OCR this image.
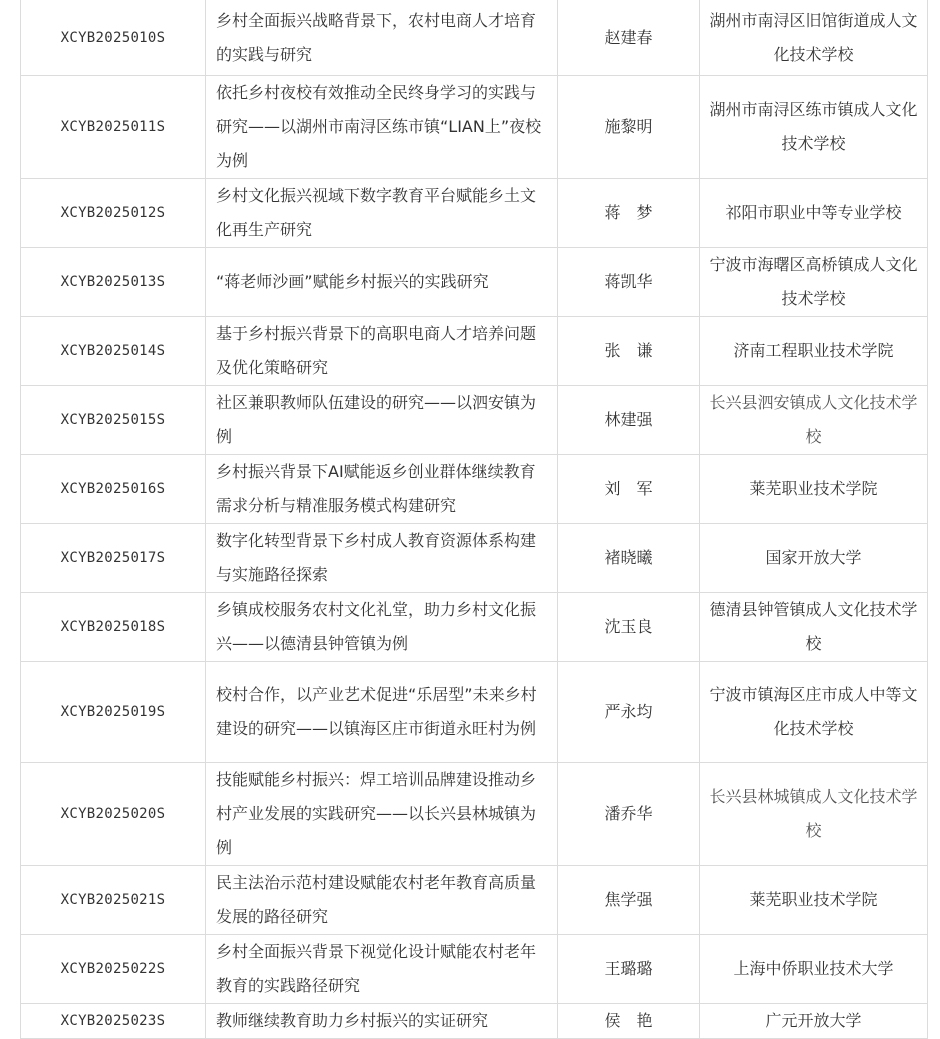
XCYB2025010S	乡村全面振兴战略背景下，农村电商人才培育的实践与研究	赵建春	湖州市南浔区旧馆街道成人文化技术学校
XCYB2025011S	依托乡村夜校有效推动全民终身学习的实践与研究——以湖州市南浔区练市镇“LIAN上”夜校为例	施黎明	湖州市南浔区练市镇成人文化技术学校
XCYB2025012S	乡村文化振兴视域下数字教育平台赋能乡土文化再生产研究	蒋　梦	祁阳市职业中等专业学校
XCYB2025013S	“蒋老师沙画”赋能乡村振兴的实践研究	蒋凯华	宁波市海曙区高桥镇成人文化技术学校
XCYB2025014S	基于乡村振兴背景下的高职电商人才培养问题及优化策略研究	张　谦	济南工程职业技术学院
XCYB2025015S	社区兼职教师队伍建设的研究——以泗安镇为例	林建强	长兴县泗安镇成人文化技术学校
XCYB2025016S	乡村振兴背景下AI赋能返乡创业群体继续教育需求分析与精准服务模式构建研究	刘　军	莱芜职业技术学院
XCYB2025017S	数字化转型背景下乡村成人教育资源体系构建与实施路径探索	褚晓曦	国家开放大学
XCYB2025018S	乡镇成校服务农村文化礼堂，助力乡村文化振兴——以德清县钟管镇为例	沈玉良	德清县钟管镇成人文化技术学校
XCYB2025019S	校村合作，以产业艺术促进“乐居型”未来乡村建设的研究——以镇海区庄市街道永旺村为例	严永均	宁波市镇海区庄市成人中等文化技术学校
XCYB2025020S	技能赋能乡村振兴：焊工培训品牌建设推动乡村产业发展的实践研究——以长兴县林城镇为例	潘乔华	长兴县林城镇成人文化技术学校
XCYB2025021S	民主法治示范村建设赋能农村老年教育高质量发展的路径研究	焦学强	莱芜职业技术学院
XCYB2025022S	乡村全面振兴背景下视觉化设计赋能农村老年教育的实践路径研究	王璐璐	上海中侨职业技术大学
XCYB2025023S	教师继续教育助力乡村振兴的实证研究	侯　艳	广元开放大学
